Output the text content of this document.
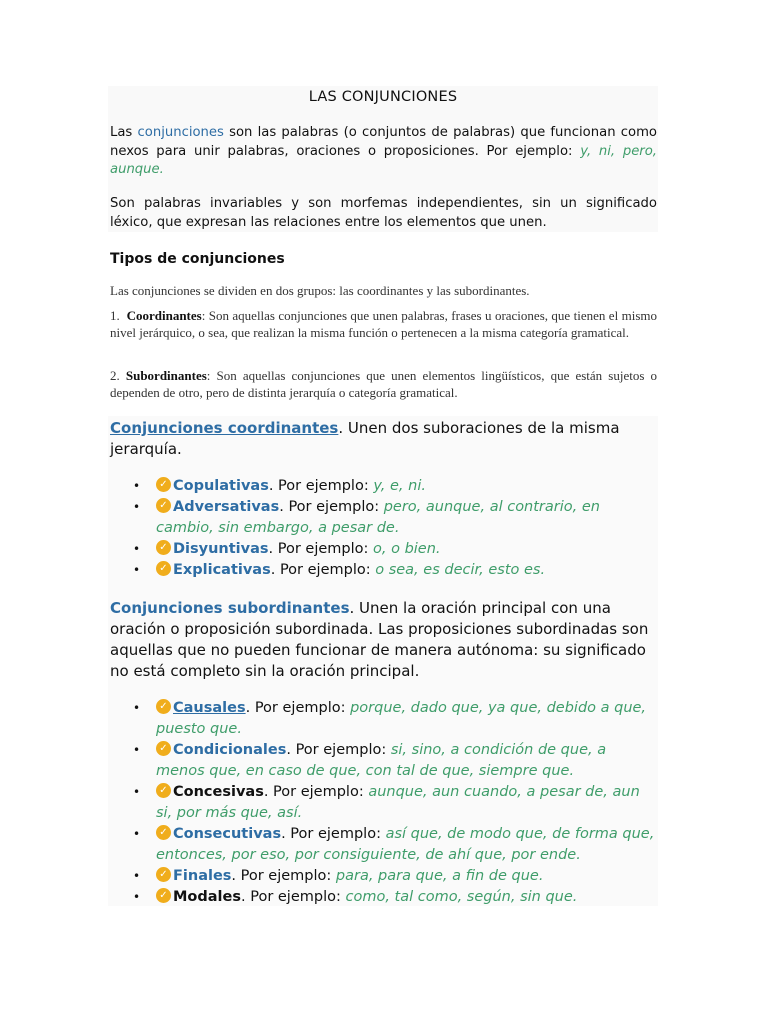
LAS CONJUNCIONES
Las conjunciones son las palabras (o conjuntos de palabras) que funcionan como nexos para unir palabras, oraciones o proposiciones. Por ejemplo: y, ni, pero, aunque.
Son palabras invariables y son morfemas independientes, sin un significado léxico, que expresan las relaciones entre los elementos que unen.
Tipos de conjunciones
Las conjunciones se dividen en dos grupos: las coordinantes y las subordinantes.
1. Coordinantes: Son aquellas conjunciones que unen palabras, frases u oraciones, que tienen el mismo nivel jerárquico, o sea, que realizan la misma función o pertenecen a la misma categoría gramatical.
2. Subordinantes: Son aquellas conjunciones que unen elementos lingüísticos, que están sujetos o dependen de otro, pero de distinta jerarquía o categoría gramatical.
Conjunciones coordinantes. Unen dos suboraciones de la misma jerarquía.
• ✓ Copulativas. Por ejemplo: y, e, ni.
• ✓ Adversativas. Por ejemplo: pero, aunque, al contrario, en cambio, sin embargo, a pesar de.
• ✓ Disyuntivas. Por ejemplo: o, o bien.
• ✓ Explicativas. Por ejemplo: o sea, es decir, esto es.
Conjunciones subordinantes. Unen la oración principal con una oración o proposición subordinada. Las proposiciones subordinadas son aquellas que no pueden funcionar de manera autónoma: su significado no está completo sin la oración principal.
• ✓ Causales. Por ejemplo: porque, dado que, ya que, debido a que, puesto que.
• ✓ Condicionales. Por ejemplo: si, sino, a condición de que, a menos que, en caso de que, con tal de que, siempre que.
• ✓ Concesivas. Por ejemplo: aunque, aun cuando, a pesar de, aun si, por más que, así.
• ✓ Consecutivas. Por ejemplo: así que, de modo que, de forma que, entonces, por eso, por consiguiente, de ahí que, por ende.
• ✓ Finales. Por ejemplo: para, para que, a fin de que.
• ✓ Modales. Por ejemplo: como, tal como, según, sin que.
